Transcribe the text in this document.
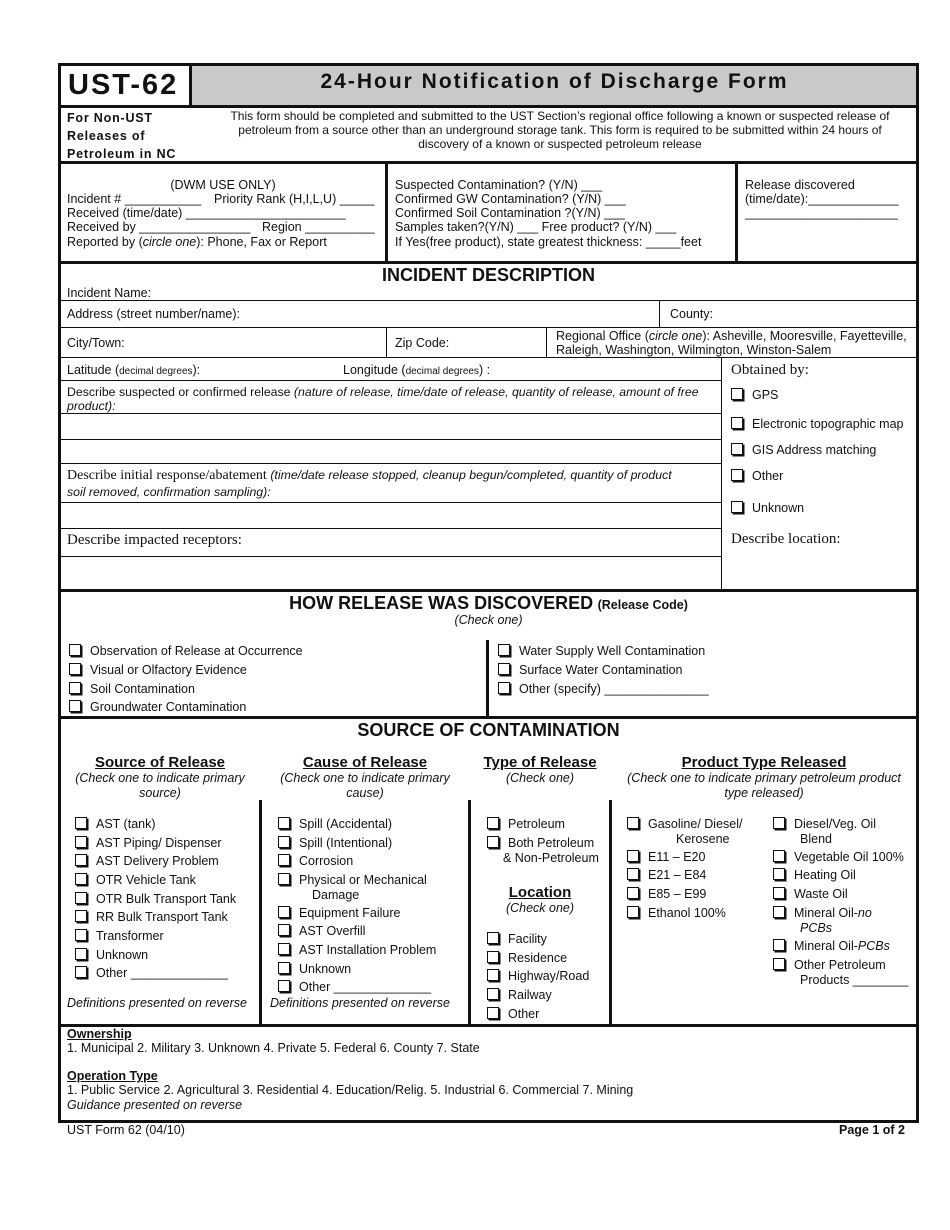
UST-62	24-Hour Notification of Discharge Form
For Non-UST
Releases of
Petroleum in NC
This form should be completed and submitted to the UST Section’s regional office following a known or suspected release of
petroleum from a source other than an underground storage tank. This form is required to be submitted within 24 hours of
discovery of a known or suspected petroleum release
(DWM USE ONLY)
Incident # ___________ Priority Rank (H,I,L,U) _____
Received (time/date) _______________________
Received by ________________ Region __________
Reported by (circle one): Phone, Fax or Report
Suspected Contamination? (Y/N) ___
Confirmed GW Contamination? (Y/N) ___
Confirmed Soil Contamination ?(Y/N) ___
Samples taken?(Y/N) ___ Free product? (Y/N) ___
If Yes(free product), state greatest thickness: _____feet
Release discovered
(time/date):_____________
______________________
INCIDENT DESCRIPTION
Incident Name:
Address (street number/name):	County:
City/Town:	Zip Code:	Regional Office (circle one): Asheville, Mooresville, Fayetteville,
Raleigh, Washington, Wilmington, Winston-Salem
Latitude (decimal degrees):	Longitude (decimal degrees) :
Describe suspected or confirmed release (nature of release, time/date of release, quantity of release, amount of free
product):
Describe initial response/abatement (time/date release stopped, cleanup begun/completed, quantity of product
soil removed, confirmation sampling):
Describe impacted receptors:
Obtained by:
GPS
Electronic topographic map
GIS Address matching
Other
Unknown
Describe location:
HOW RELEASE WAS DISCOVERED (Release Code)
(Check one)
Observation of Release at Occurrence
Visual or Olfactory Evidence
Soil Contamination
Groundwater Contamination
Water Supply Well Contamination
Surface Water Contamination
Other (specify) _______________
SOURCE OF CONTAMINATION
Source of Release
(Check one to indicate primary
source)
Cause of Release
(Check one to indicate primary
cause)
Type of Release
(Check one)
Product Type Released
(Check one to indicate primary petroleum product
type released)
AST (tank)
AST Piping/ Dispenser
AST Delivery Problem
OTR Vehicle Tank
OTR Bulk Transport Tank
RR Bulk Transport Tank
Transformer
Unknown
Other ______________
Definitions presented on reverse
Spill (Accidental)
Spill (Intentional)
Corrosion
Physical or Mechanical
Damage
Equipment Failure
AST Overfill
AST Installation Problem
Unknown
Other ______________
Definitions presented on reverse
Petroleum
Both Petroleum
& Non-Petroleum
Location
(Check one)
Facility
Residence
Highway/Road
Railway
Other
Gasoline/ Diesel/
Kerosene
E11 – E20
E21 – E84
E85 – E99
Ethanol 100%
Diesel/Veg. Oil
Blend
Vegetable Oil 100%
Heating Oil
Waste Oil
Mineral Oil-no
PCBs
Mineral Oil-PCBs
Other Petroleum
Products ________
Ownership
1. Municipal 2. Military 3. Unknown 4. Private 5. Federal 6. County 7. State
Operation Type
1. Public Service 2. Agricultural 3. Residential 4. Education/Relig. 5. Industrial 6. Commercial 7. Mining
Guidance presented on reverse
UST Form 62 (04/10)	Page 1 of 2
